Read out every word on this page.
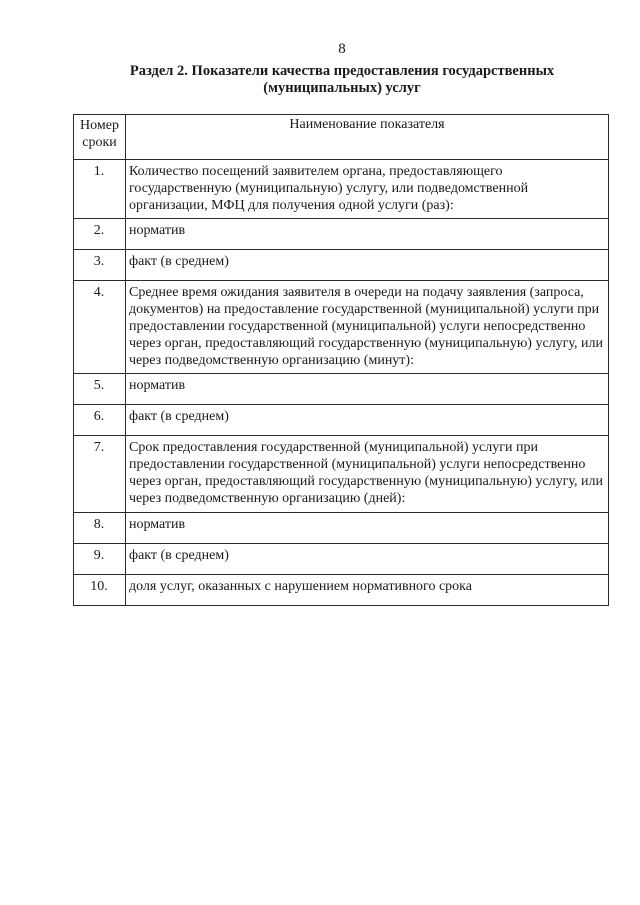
8
Раздел 2. Показатели качества предоставления государственных
(муниципальных) услуг
Номер
сроки	Наименование показателя
1.	Количество посещений заявителем органа, предоставляющего государственную (муниципальную) услугу, или подведомственной организации, МФЦ для получения одной услуги (раз):
2.	норматив
3.	факт (в среднем)
4.	Среднее время ожидания заявителя в очереди на подачу заявления (запроса, документов) на предоставление государственной (муниципальной) услуги при предоставлении государственной (муниципальной) услуги непосредственно через орган, предоставляющий государственную (муниципальную) услугу, или через подведомственную организацию (минут):
5.	норматив
6.	факт (в среднем)
7.	Срок предоставления государственной (муниципальной) услуги при предоставлении государственной (муниципальной) услуги непосредственно через орган, предоставляющий государственную (муниципальную) услугу, или через подведомственную организацию (дней):
8.	норматив
9.	факт (в среднем)
10.	доля услуг, оказанных с нарушением нормативного срока
